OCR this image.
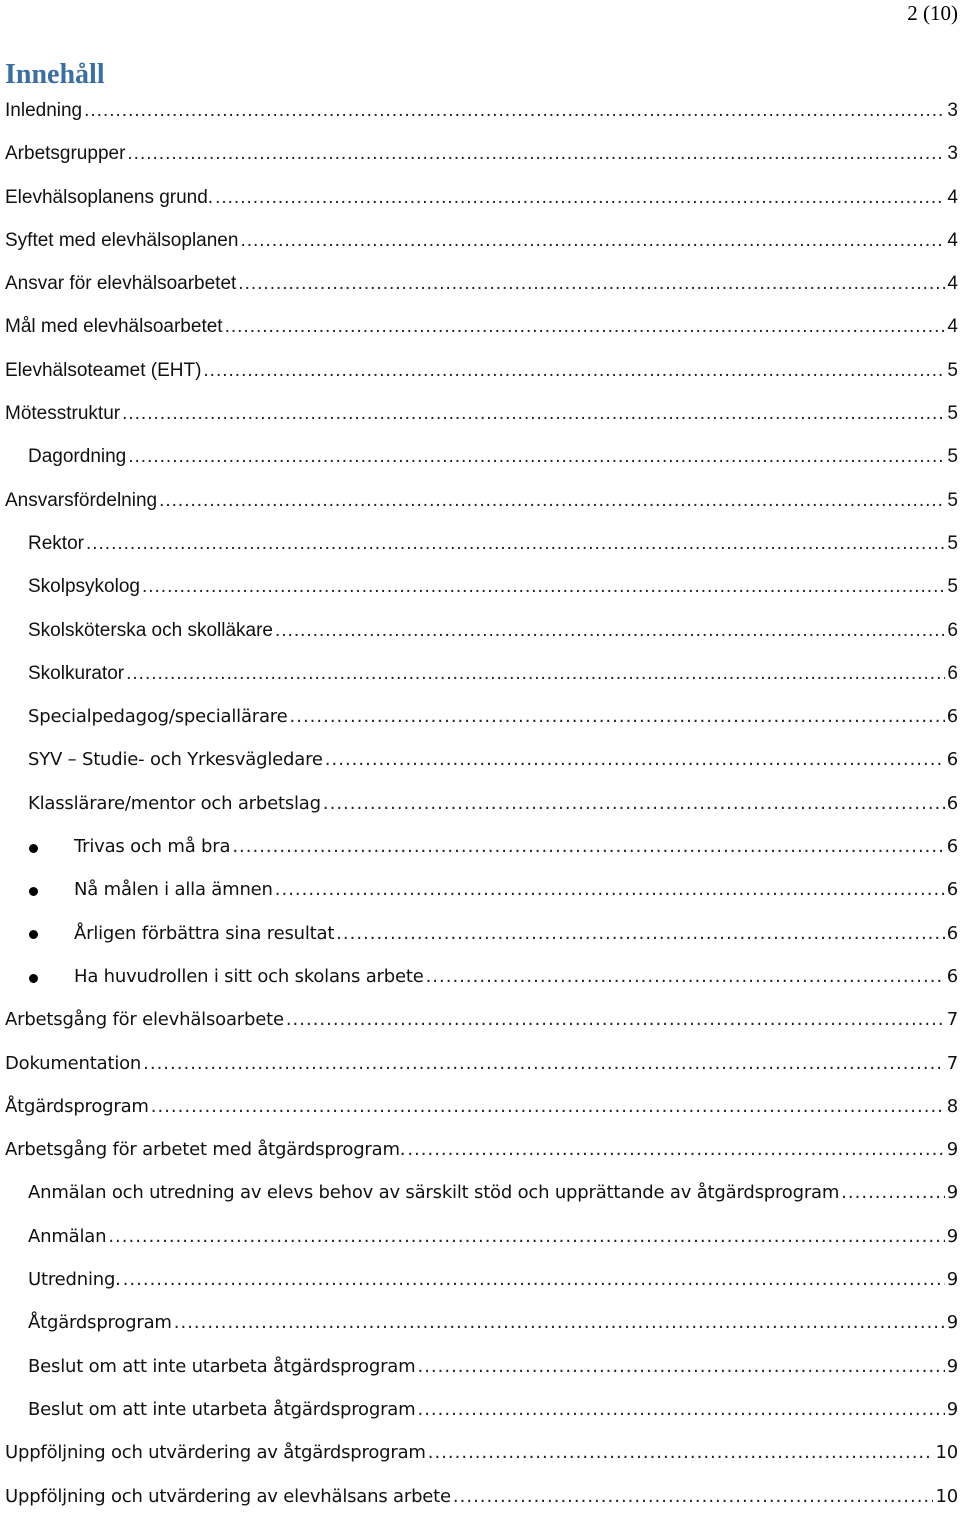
2 (10)
Innehåll
Inledning .....	3
Arbetsgrupper .....	3
Elevhälsoplanens grund. .....	4
Syftet med elevhälsoplanen .....	4
Ansvar för elevhälsoarbetet .....	4
Mål med elevhälsoarbetet .....	4
Elevhälsoteamet (EHT) .....	5
Mötesstruktur .....	5
Dagordning .....	5
Ansvarsfördelning .....	5
Rektor .....	5
Skolpsykolog .....	5
Skolsköterska och skolläkare .....	6
Skolkurator .....	6
Specialpedagog/speciallärare .....	6
SYV – Studie- och Yrkesvägledare .....	6
Klasslärare/mentor och arbetslag .....	6
Trivas och må bra .....	6
Nå målen i alla ämnen .....	6
Årligen förbättra sina resultat .....	6
Ha huvudrollen i sitt och skolans arbete .....	6
Arbetsgång för elevhälsoarbete .....	7
Dokumentation .....	7
Åtgärdsprogram .....	8
Arbetsgång för arbetet med åtgärdsprogram. .....	9
Anmälan och utredning av elevs behov av särskilt stöd och upprättande av åtgärdsprogram .....	9
Anmälan .....	9
Utredning. .....	9
Åtgärdsprogram .....	9
Beslut om att inte utarbeta åtgärdsprogram .....	9
Beslut om att inte utarbeta åtgärdsprogram .....	9
Uppföljning och utvärdering av åtgärdsprogram .....	10
Uppföljning och utvärdering av elevhälsans arbete .....	10
